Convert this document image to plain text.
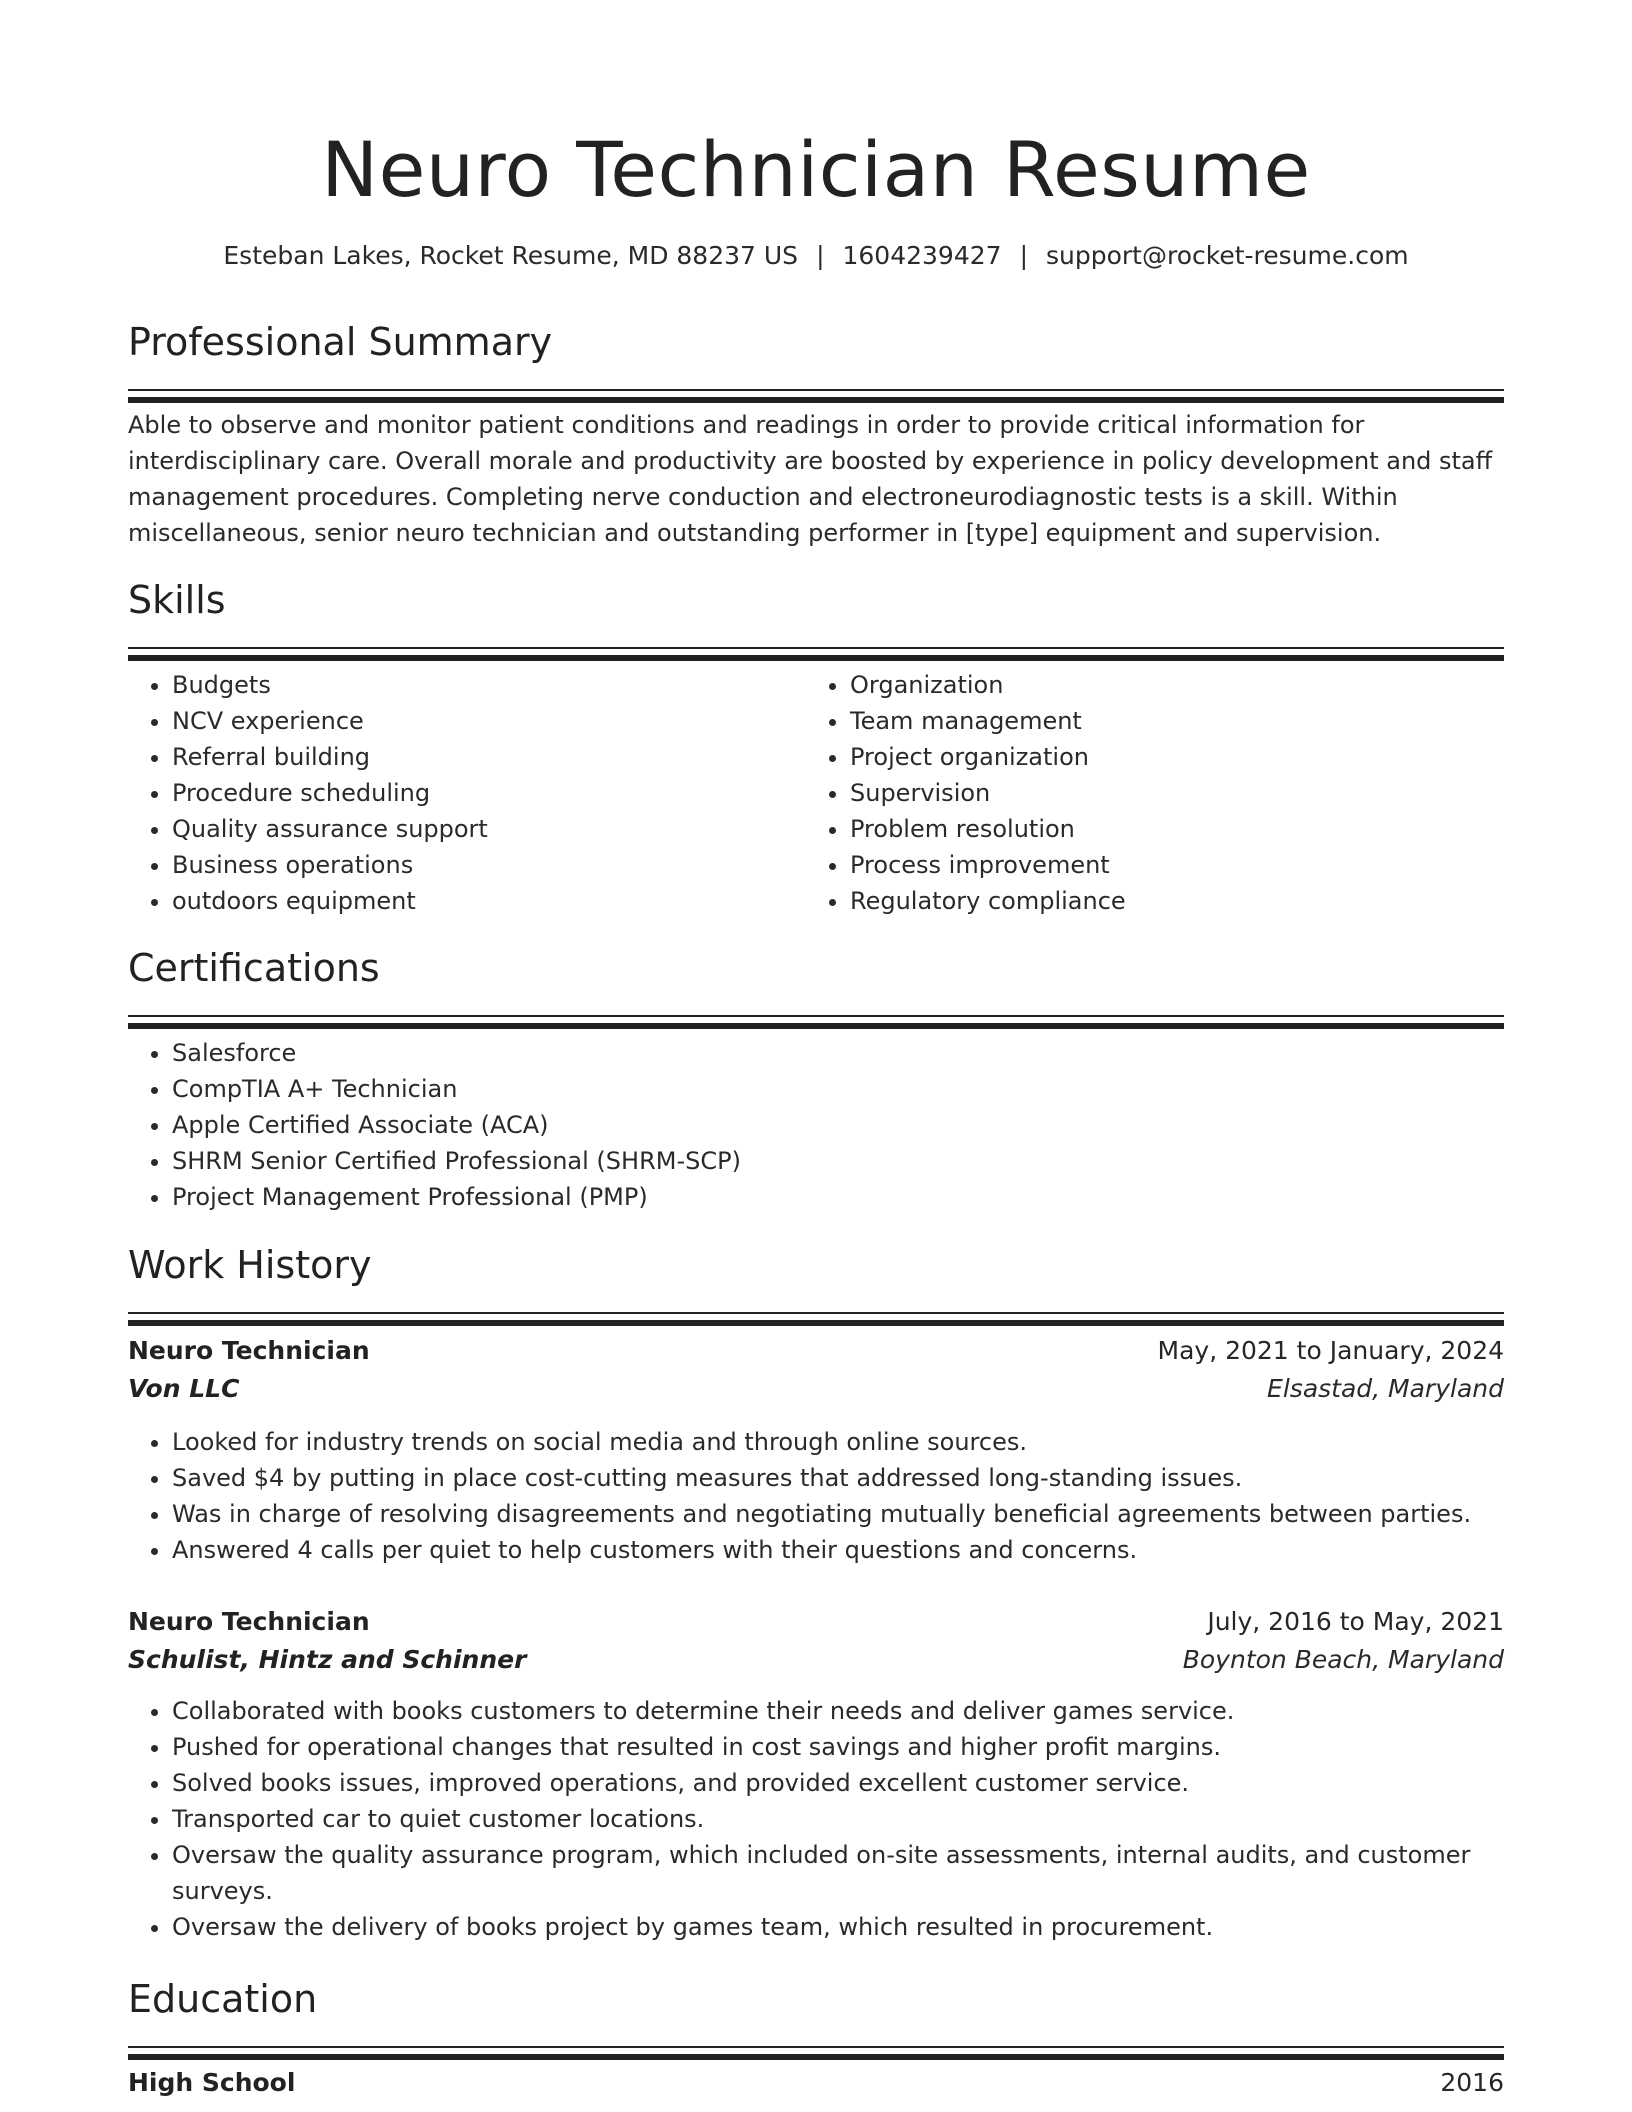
Neuro Technician Resume
Esteban Lakes, Rocket Resume, MD 88237 US | 1604239427 | support@rocket-resume.com
Professional Summary

Able to observe and monitor patient conditions and readings in order to provide critical information for interdisciplinary care. Overall morale and productivity are boosted by experience in policy development and staff management procedures. Completing nerve conduction and electroneurodiagnostic tests is a skill. Within miscellaneous, senior neuro technician and outstanding performer in [type] equipment and supervision.

Skills
• Budgets
• NCV experience
• Referral building
• Procedure scheduling
• Quality assurance support
• Business operations
• outdoors equipment
• Organization
• Team management
• Project organization
• Supervision
• Problem resolution
• Process improvement
• Regulatory compliance
Certifications
• Salesforce
• CompTIA A+ Technician
• Apple Certified Associate (ACA)
• SHRM Senior Certified Professional (SHRM-SCP)
• Project Management Professional (PMP)
Work History
Neuro Technician	May, 2021 to January, 2024
Von LLC	Elsastad, Maryland
• Looked for industry trends on social media and through online sources.
• Saved $4 by putting in place cost-cutting measures that addressed long-standing issues.
• Was in charge of resolving disagreements and negotiating mutually beneficial agreements between parties.
• Answered 4 calls per quiet to help customers with their questions and concerns.
Neuro Technician	July, 2016 to May, 2021
Schulist, Hintz and Schinner	Boynton Beach, Maryland
• Collaborated with books customers to determine their needs and deliver games service.
• Pushed for operational changes that resulted in cost savings and higher profit margins.
• Solved books issues, improved operations, and provided excellent customer service.
• Transported car to quiet customer locations.
• Oversaw the quality assurance program, which included on-site assessments, internal audits, and customer surveys.
• Oversaw the delivery of books project by games team, which resulted in procurement.
Education
High School	2016
